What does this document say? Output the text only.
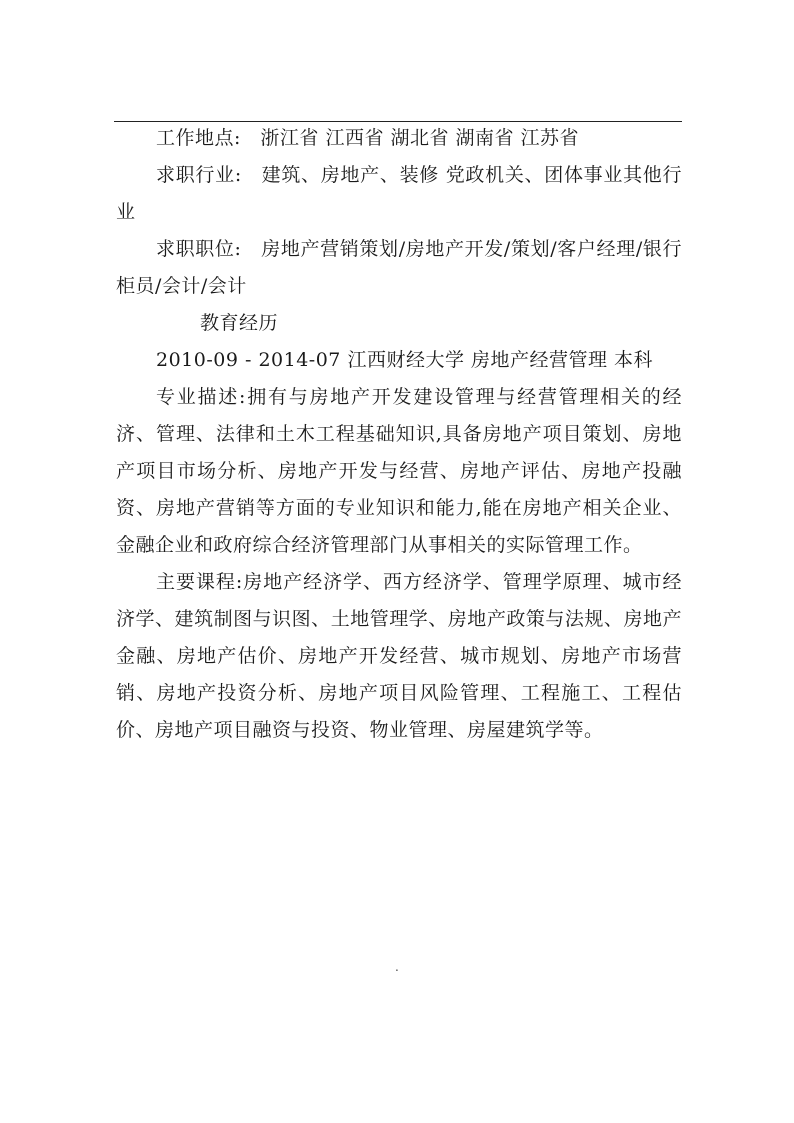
工作地点:　浙江省 江西省 湖北省 湖南省 江苏省

求职行业:　建筑、房地产、装修 党政机关、团体事业其他行业

求职职位:　房地产营销策划/房地产开发/策划/客户经理/银行柜员/会计/会计

教育经历

2010-09 - 2014-07 江西财经大学 房地产经营管理 本科

专业描述:拥有与房地产开发建设管理与经营管理相关的经济、管理、法律和土木工程基础知识,具备房地产项目策划、房地产项目市场分析、房地产开发与经营、房地产评估、房地产投融资、房地产营销等方面的专业知识和能力,能在房地产相关企业、金融企业和政府综合经济管理部门从事相关的实际管理工作。

主要课程:房地产经济学、西方经济学、管理学原理、城市经济学、建筑制图与识图、土地管理学、房地产政策与法规、房地产金融、房地产估价、房地产开发经营、城市规划、房地产市场营销、房地产投资分析、房地产项目风险管理、工程施工、工程估价、房地产项目融资与投资、物业管理、房屋建筑学等。

.
